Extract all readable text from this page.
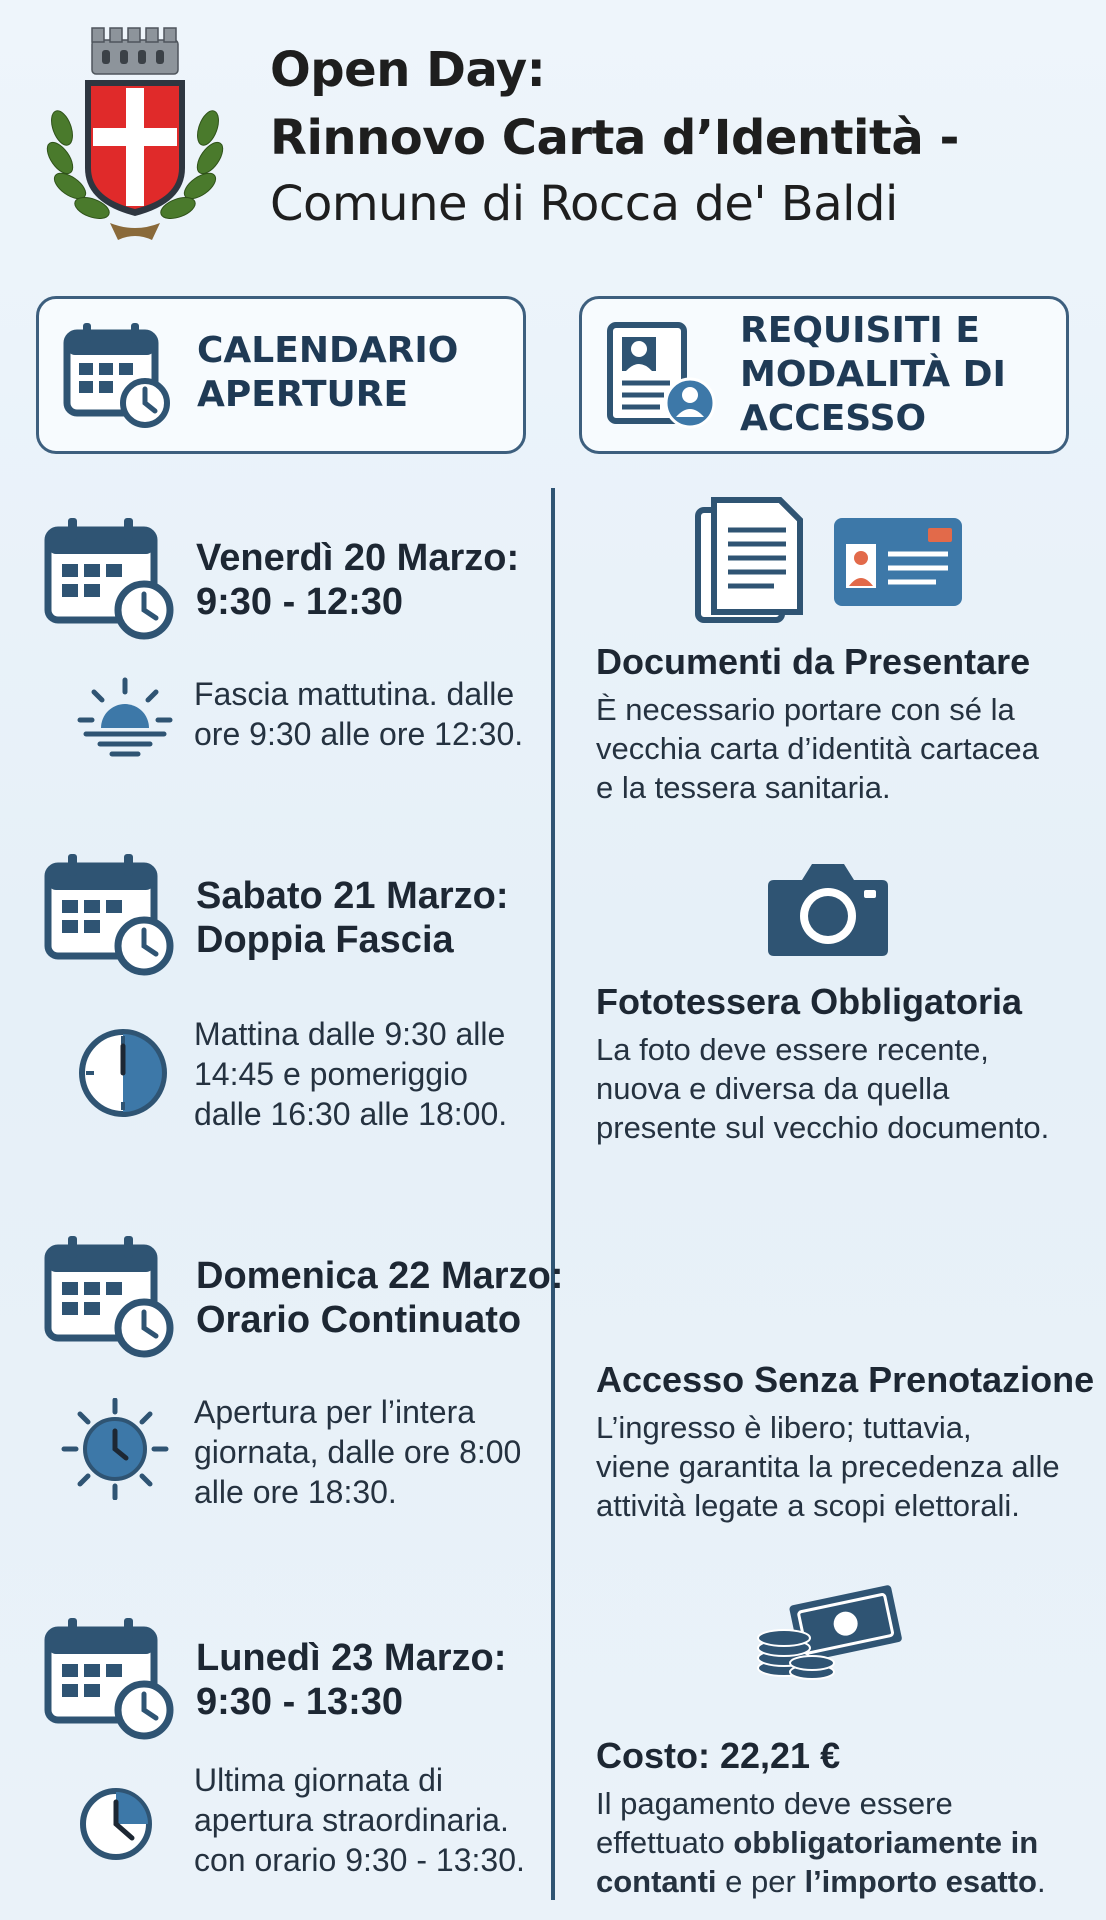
Open Day:
Rinnovo Carta d’Identità -
Comune di Rocca de' Baldi
CALENDARIO
APERTURE
REQUISITI E
MODALITÀ DI
ACCESSO
Venerdì 20 Marzo:
9:30 - 12:30
Fascia mattutina. dalle
ore 9:30 alle ore 12:30.
Sabato 21 Marzo:
Doppia Fascia
Mattina dalle 9:30 alle
14:45 e pomeriggio
dalle 16:30 alle 18:00.
Domenica 22 Marzo:
Orario Continuato
Apertura per l’intera
giornata, dalle ore 8:00
alle ore 18:30.
Lunedì 23 Marzo:
9:30 - 13:30
Ultima giornata di
apertura straordinaria.
con orario 9:30 - 13:30.
Documenti da Presentare
È necessario portare con sé la
vecchia carta d’identità cartacea
e la tessera sanitaria.
Fototessera Obbligatoria
La foto deve essere recente,
nuova e diversa da quella
presente sul vecchio documento.
Accesso Senza Prenotazione
L’ingresso è libero; tuttavia,
viene garantita la precedenza alle
attività legate a scopi elettorali.
Costo: 22,21 €
Il pagamento deve essere
effettuato obbligatoriamente in
contanti e per l’importo esatto.
